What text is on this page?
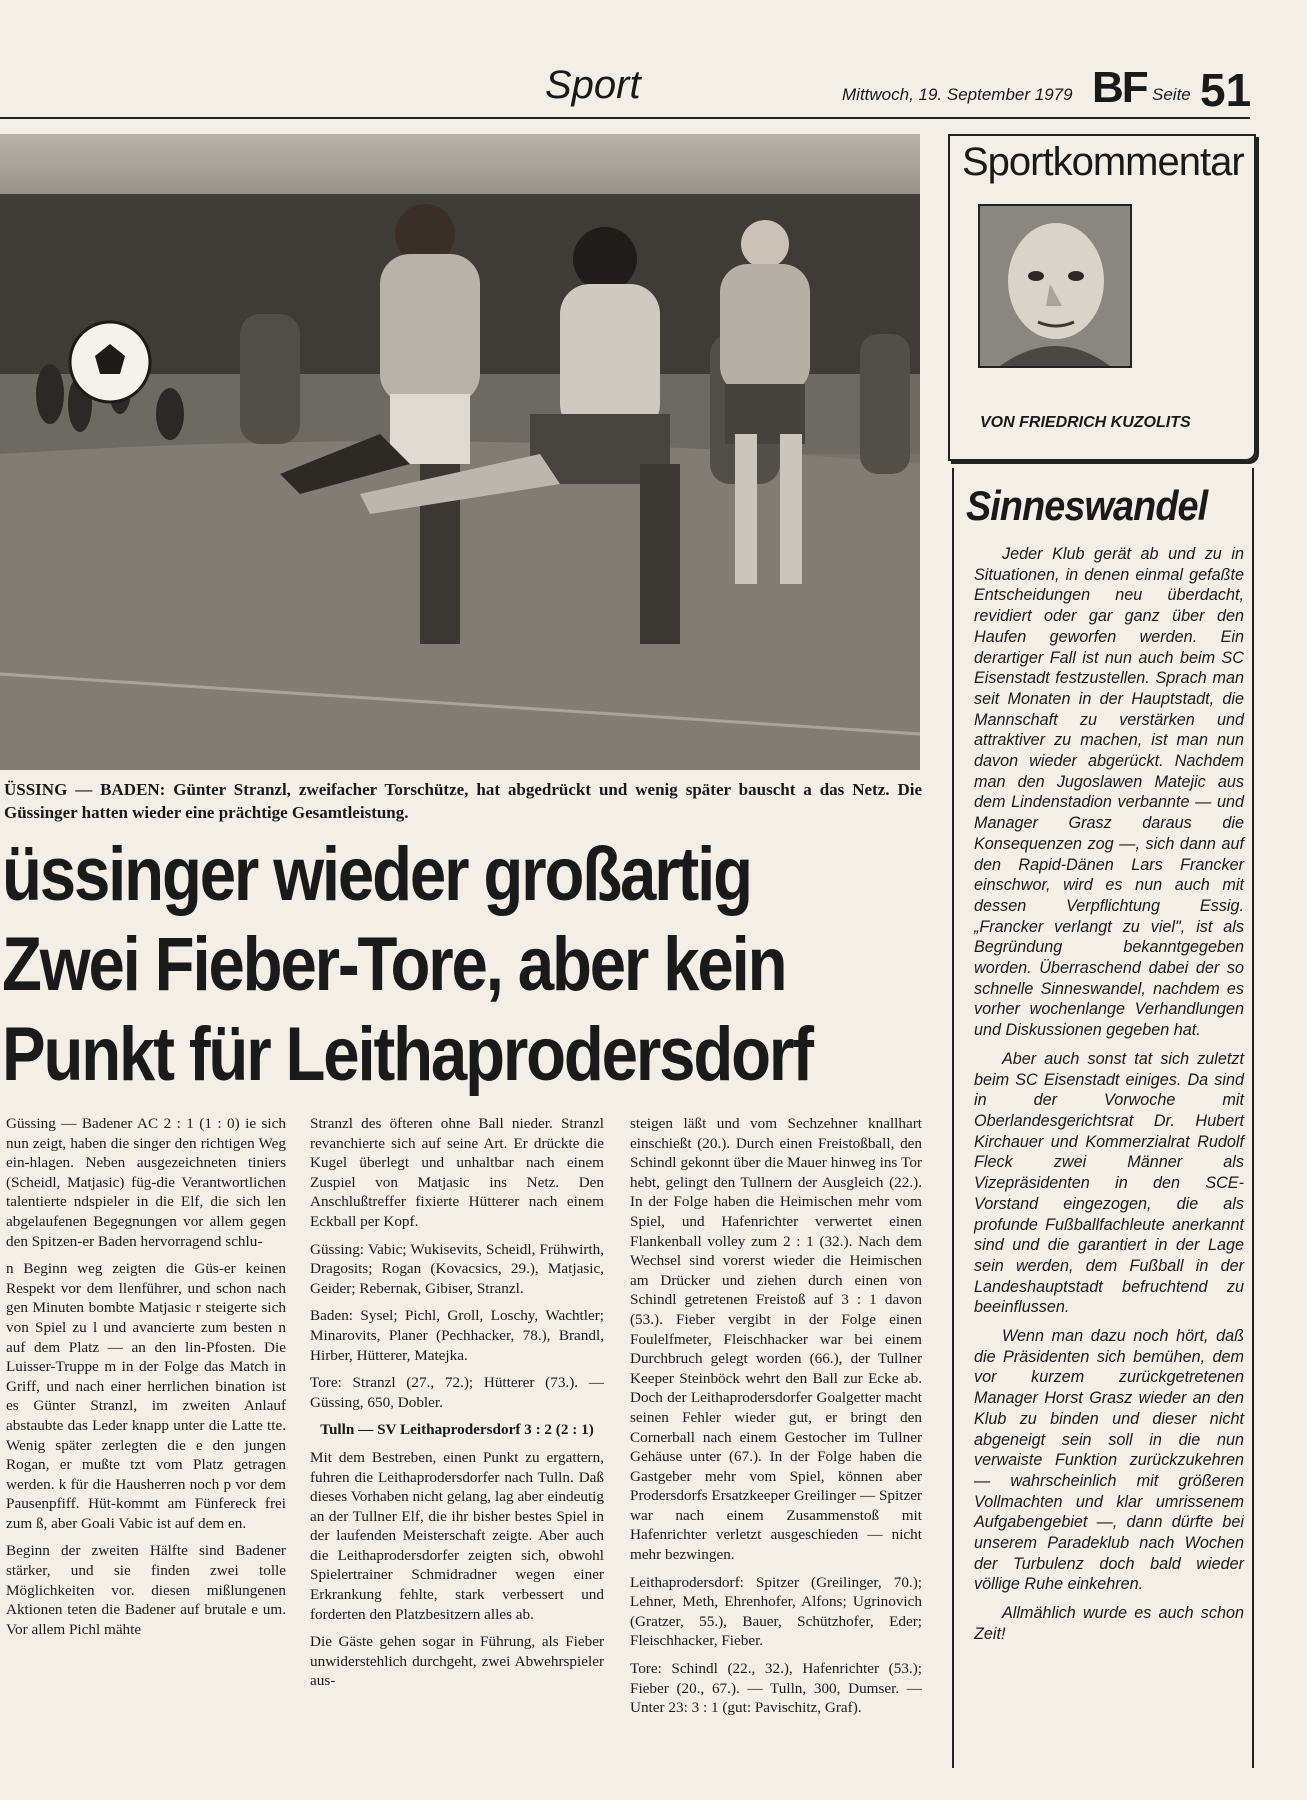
Sport	Mittwoch, 19. September 1979 BF Seite 51
ÜSSING — BADEN: Günter Stranzl, zweifacher Torschütze, hat abgedrückt und wenig später bauscht a das Netz. Die Güssinger hatten wieder eine prächtige Gesamtleistung.
üssinger wieder großartig
Zwei Fieber-Tore, aber kein
Punkt für Leithaprodersdorf

Güssing — Badener AC 2 : 1 (1 : 0) ie sich nun zeigt, haben die singer den richtigen Weg ein-hlagen. Neben ausgezeichneten tiniers (Scheidl, Matjasic) füg-die Verantwortlichen talentierte ndspieler in die Elf, die sich len abgelaufenen Begegnungen vor allem gegen den Spitzen-er Baden hervorragend schlu-

n Beginn weg zeigten die Güs-er keinen Respekt vor dem llenführer, und schon nach gen Minuten bombte Matjasic r steigerte sich von Spiel zu l und avancierte zum besten n auf dem Platz — an den lin-Pfosten. Die Luisser-Truppe m in der Folge das Match in Griff, und nach einer herrlichen bination ist es Günter Stranzl, im zweiten Anlauf abstaubte das Leder knapp unter die Latte tte. Wenig später zerlegten die e den jungen Rogan, er mußte tzt vom Platz getragen werden. k für die Hausherren noch p vor dem Pausenpfiff. Hüt-kommt am Fünfereck frei zum ß, aber Goali Vabic ist auf dem en.

Beginn der zweiten Hälfte sind Badener stärker, und sie finden zwei tolle Möglichkeiten vor. diesen mißlungenen Aktionen teten die Badener auf brutale e um. Vor allem Pichl mähte

Stranzl des öfteren ohne Ball nieder. Stranzl revanchierte sich auf seine Art. Er drückte die Kugel überlegt und unhaltbar nach einem Zuspiel von Matjasic ins Netz. Den Anschlußtreffer fixierte Hütterer nach einem Eckball per Kopf.

Güssing: Vabic; Wukisevits, Scheidl, Frühwirth, Dragosits; Rogan (Kovacsics, 29.), Matjasic, Geider; Rebernak, Gibiser, Stranzl.

Baden: Sysel; Pichl, Groll, Loschy, Wachtler; Minarovits, Planer (Pechhacker, 78.), Brandl, Hirber, Hütterer, Matejka.

Tore: Stranzl (27., 72.); Hütterer (73.). — Güssing, 650, Dobler.

Tulln — SV Leithaprodersdorf 3 : 2 (2 : 1)

Mit dem Bestreben, einen Punkt zu ergattern, fuhren die Leithaprodersdorfer nach Tulln. Daß dieses Vorhaben nicht gelang, lag aber eindeutig an der Tullner Elf, die ihr bisher bestes Spiel in der laufenden Meisterschaft zeigte. Aber auch die Leithaprodersdorfer zeigten sich, obwohl Spielertrainer Schmidradner wegen einer Erkrankung fehlte, stark verbessert und forderten den Platzbesitzern alles ab.

Die Gäste gehen sogar in Führung, als Fieber unwiderstehlich durchgeht, zwei Abwehrspieler aus-

steigen läßt und vom Sechzehner knallhart einschießt (20.). Durch einen Freistoßball, den Schindl gekonnt über die Mauer hinweg ins Tor hebt, gelingt den Tullnern der Ausgleich (22.). In der Folge haben die Heimischen mehr vom Spiel, und Hafenrichter verwertet einen Flankenball volley zum 2 : 1 (32.). Nach dem Wechsel sind vorerst wieder die Heimischen am Drücker und ziehen durch einen von Schindl getretenen Freistoß auf 3 : 1 davon (53.). Fieber vergibt in der Folge einen Foulelfmeter, Fleischhacker war bei einem Durchbruch gelegt worden (66.), der Tullner Keeper Steinböck wehrt den Ball zur Ecke ab. Doch der Leithaprodersdorfer Goalgetter macht seinen Fehler wieder gut, er bringt den Cornerball nach einem Gestocher im Tullner Gehäuse unter (67.). In der Folge haben die Gastgeber mehr vom Spiel, können aber Prodersdorfs Ersatzkeeper Greilinger — Spitzer war nach einem Zusammenstoß mit Hafenrichter verletzt ausgeschieden — nicht mehr bezwingen.

Leithaprodersdorf: Spitzer (Greilinger, 70.); Lehner, Meth, Ehrenhofer, Alfons; Ugrinovich (Gratzer, 55.), Bauer, Schützhofer, Eder; Fleischhacker, Fieber.

Tore: Schindl (22., 32.), Hafenrichter (53.); Fieber (20., 67.). — Tulln, 300, Dumser. — Unter 23: 3 : 1 (gut: Pavischitz, Graf).

Sportkommentar
VON FRIEDRICH KUZOLITS
Sinneswandel

Jeder Klub gerät ab und zu in Situationen, in denen einmal gefaßte Entscheidungen neu überdacht, revidiert oder gar ganz über den Haufen geworfen werden. Ein derartiger Fall ist nun auch beim SC Eisenstadt festzustellen. Sprach man seit Monaten in der Hauptstadt, die Mannschaft zu verstärken und attraktiver zu machen, ist man nun davon wieder abgerückt. Nachdem man den Jugoslawen Matejic aus dem Lindenstadion verbannte — und Manager Grasz daraus die Konsequenzen zog —, sich dann auf den Rapid-Dänen Lars Francker einschwor, wird es nun auch mit dessen Verpflichtung Essig. „Francker verlangt zu viel", ist als Begründung bekanntgegeben worden. Überraschend dabei der so schnelle Sinneswandel, nachdem es vorher wochenlange Verhandlungen und Diskussionen gegeben hat.

Aber auch sonst tat sich zuletzt beim SC Eisenstadt einiges. Da sind in der Vorwoche mit Oberlandesgerichtsrat Dr. Hubert Kirchauer und Kommerzialrat Rudolf Fleck zwei Männer als Vizepräsidenten in den SCE-Vorstand eingezogen, die als profunde Fußballfachleute anerkannt sind und die garantiert in der Lage sein werden, dem Fußball in der Landeshauptstadt befruchtend zu beeinflussen.

Wenn man dazu noch hört, daß die Präsidenten sich bemühen, dem vor kurzem zurückgetretenen Manager Horst Grasz wieder an den Klub zu binden und dieser nicht abgeneigt sein soll in die nun verwaiste Funktion zurückzukehren — wahrscheinlich mit größeren Vollmachten und klar umrissenem Aufgabengebiet —, dann dürfte bei unserem Paradeklub nach Wochen der Turbulenz doch bald wieder völlige Ruhe einkehren.

Allmählich wurde es auch schon Zeit!
